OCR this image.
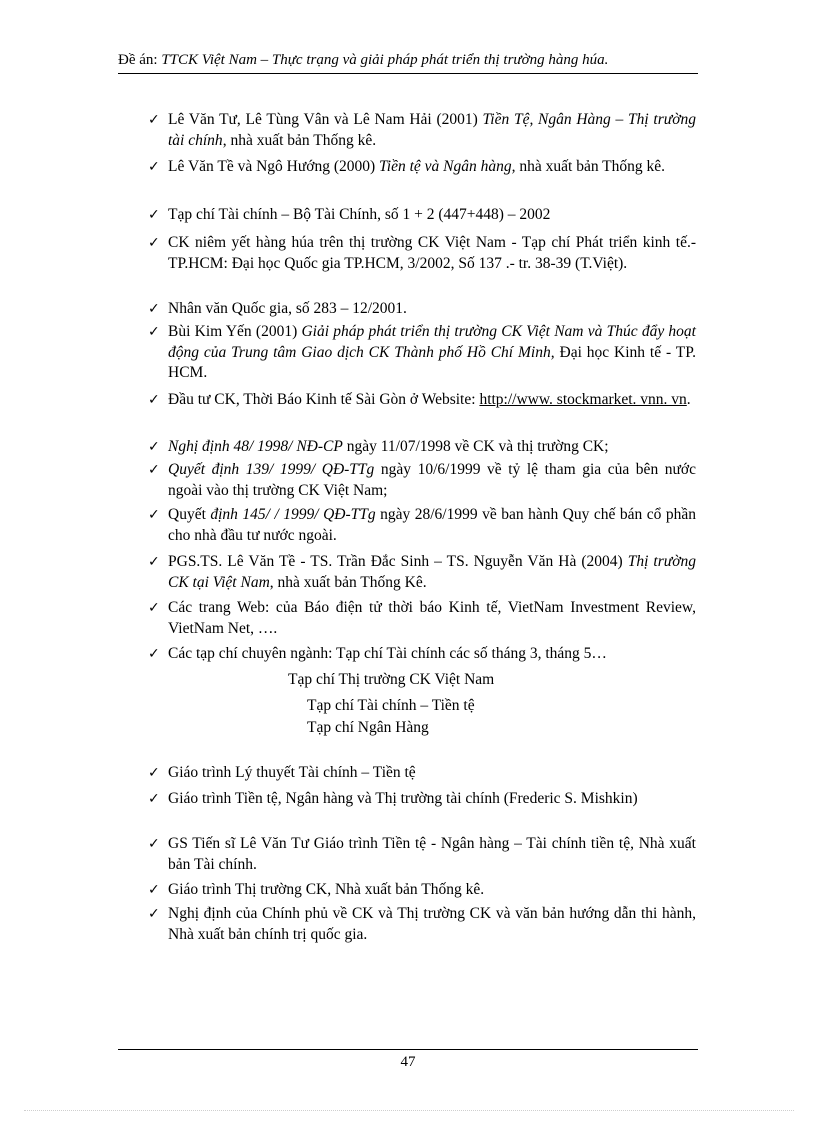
Đề án: TTCK Việt Nam – Thực trạng và giải pháp phát triển thị trường hàng húa.
✓ Lê Văn Tư, Lê Tùng Vân và Lê Nam Hải (2001) Tiền Tệ, Ngân Hàng – Thị trường tài chính, nhà xuất bản Thống kê.
✓ Lê Văn Tề và Ngô Hướng (2000) Tiền tệ và Ngân hàng, nhà xuất bản Thống kê.
✓ Tạp chí Tài chính – Bộ Tài Chính, số 1 + 2 (447+448) – 2002
✓ CK niêm yết hàng húa trên thị trường CK Việt Nam - Tạp chí Phát triển kinh tế.- TP.HCM: Đại học Quốc gia TP.HCM, 3/2002, Số 137 .- tr. 38-39 (T.Việt).
✓ Nhân văn Quốc gia, số 283 – 12/2001.
✓ Bùi Kim Yến (2001) Giải pháp phát triển thị trường CK Việt Nam và Thúc đẩy hoạt động của Trung tâm Giao dịch CK Thành phố Hồ Chí Minh, Đại học Kinh tế - TP. HCM.
✓ Đầu tư CK, Thời Báo Kinh tế Sài Gòn ở Website: http://www. stockmarket. vnn. vn.
✓ Nghị định 48/ 1998/ NĐ-CP ngày 11/07/1998 về CK và thị trường CK;
✓ Quyết định 139/ 1999/ QĐ-TTg ngày 10/6/1999 về tỷ lệ tham gia của bên nước ngoài vào thị trường CK Việt Nam;
✓ Quyết định 145/ / 1999/ QĐ-TTg ngày 28/6/1999 về ban hành Quy chế bán cổ phần cho nhà đầu tư nước ngoài.
✓ PGS.TS. Lê Văn Tề - TS. Trần Đắc Sinh – TS. Nguyễn Văn Hà (2004) Thị trường CK tại Việt Nam, nhà xuất bản Thống Kê.
✓ Các trang Web: của Báo điện tử thời báo Kinh tế, VietNam Investment Review, VietNam Net, ….
✓ Các tạp chí chuyên ngành: Tạp chí Tài chính các số tháng 3, tháng 5…
✓ Giáo trình Lý thuyết Tài chính – Tiền tệ
✓ Giáo trình Tiền tệ, Ngân hàng và Thị trường tài chính (Frederic S. Mishkin)
✓ GS Tiến sĩ Lê Văn Tư Giáo trình Tiền tệ - Ngân hàng – Tài chính tiền tệ, Nhà xuất bản Tài chính.
✓ Giáo trình Thị trường CK, Nhà xuất bản Thống kê.
✓ Nghị định của Chính phủ về CK và Thị trường CK và văn bản hướng dẫn thi hành, Nhà xuất bản chính trị quốc gia.
Tạp chí Thị trường CK Việt Nam
Tạp chí Tài chính – Tiền tệ
Tạp chí Ngân Hàng
47
